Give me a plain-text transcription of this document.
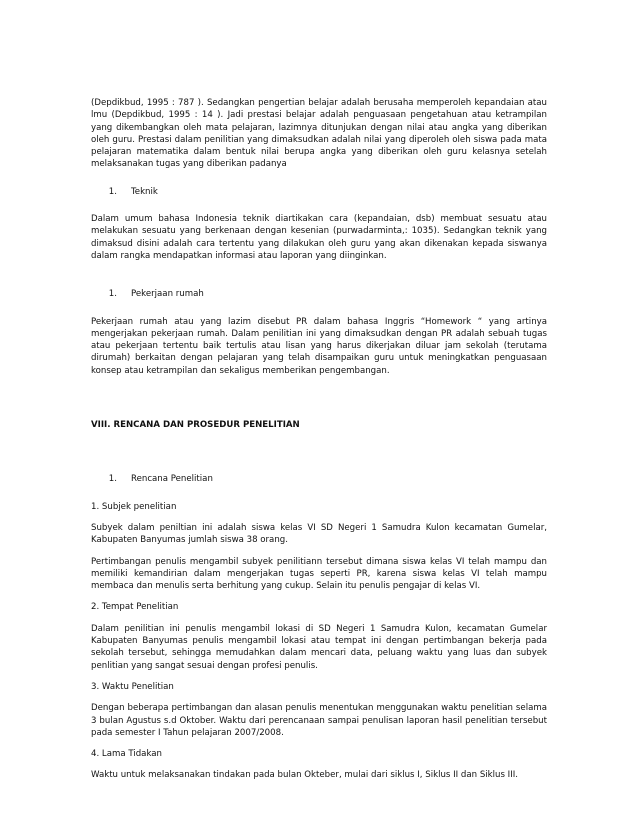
(Depdikbud, 1995 : 787 ). Sedangkan pengertian belajar adalah berusaha memperoleh kepandaian atau lmu (Depdikbud, 1995 : 14 ). Jadi prestasi belajar adalah penguasaan pengetahuan atau ketrampilan yang dikembangkan oleh mata pelajaran, lazimnya ditunjukan dengan nilai atau angka yang diberikan oleh guru. Prestasi dalam penilitian yang dimaksudkan adalah nilai yang diperoleh oleh siswa pada mata pelajaran matematika dalam bentuk nilai berupa angka yang diberikan oleh guru kelasnya setelah melaksanakan tugas yang diberikan padanya

1.	Teknik

Dalam umum bahasa Indonesia teknik diartikakan cara (kepandaian, dsb) membuat sesuatu atau melakukan sesuatu yang berkenaan dengan kesenian (purwadarminta,: 1035). Sedangkan teknik yang dimaksud disini adalah cara tertentu yang dilakukan oleh guru yang akan dikenakan kepada siswanya dalam rangka mendapatkan informasi atau laporan yang diinginkan.

1.	Pekerjaan rumah

Pekerjaan rumah atau yang lazim disebut PR dalam bahasa Inggris “Homework “ yang artinya mengerjakan pekerjaan rumah. Dalam penilitian ini yang dimaksudkan dengan PR adalah sebuah tugas atau pekerjaan tertentu baik tertulis atau lisan yang harus dikerjakan diluar jam sekolah (terutama dirumah) berkaitan dengan pelajaran yang telah disampaikan guru untuk meningkatkan penguasaan konsep atau ketrampilan dan sekaligus memberikan pengembangan.

VIII. RENCANA DAN PROSEDUR PENELITIAN

1.	Rencana Penelitian

1. Subjek penelitian

Subyek dalam peniltian ini adalah siswa kelas VI SD Negeri 1 Samudra Kulon kecamatan Gumelar, Kabupaten Banyumas jumlah siswa 38 orang.

Pertimbangan penulis mengambil subyek penilitiann tersebut dimana siswa kelas VI telah mampu dan memiliki kemandirian dalam mengerjakan tugas seperti PR, karena siswa kelas VI telah mampu membaca dan menulis serta berhitung yang cukup. Selain itu penulis pengajar di kelas VI.

2. Tempat Penelitian

Dalam penilitian ini penulis mengambil lokasi di SD Negeri 1 Samudra Kulon, kecamatan Gumelar Kabupaten Banyumas penulis mengambil lokasi atau tempat ini dengan pertimbangan bekerja pada sekolah tersebut, sehingga memudahkan dalam mencari data, peluang waktu yang luas dan subyek penlitian yang sangat sesuai dengan profesi penulis.

3. Waktu Penelitian

Dengan beberapa pertimbangan dan alasan penulis menentukan menggunakan waktu penelitian selama 3 bulan Agustus s.d Oktober. Waktu dari perencanaan sampai penulisan laporan hasil penelitian tersebut pada semester I Tahun pelajaran 2007/2008.

4. Lama Tidakan

Waktu untuk melaksanakan tindakan pada bulan Okteber, mulai dari siklus I, Siklus II dan Siklus III.
